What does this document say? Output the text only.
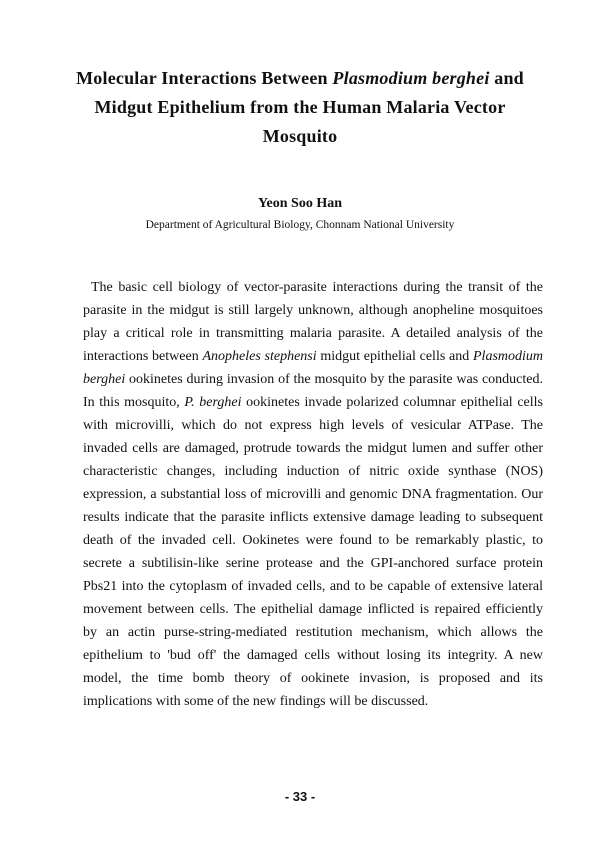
Molecular Interactions Between Plasmodium berghei and Midgut Epithelium from the Human Malaria Vector Mosquito
Yeon Soo Han
Department of Agricultural Biology, Chonnam National University

The basic cell biology of vector-parasite interactions during the transit of the parasite in the midgut is still largely unknown, although anopheline mosquitoes play a critical role in transmitting malaria parasite. A detailed analysis of the interactions between Anopheles stephensi midgut epithelial cells and Plasmodium berghei ookinetes during invasion of the mosquito by the parasite was conducted. In this mosquito, P. berghei ookinetes invade polarized columnar epithelial cells with microvilli, which do not express high levels of vesicular ATPase. The invaded cells are damaged, protrude towards the midgut lumen and suffer other characteristic changes, including induction of nitric oxide synthase (NOS) expression, a substantial loss of microvilli and genomic DNA fragmentation. Our results indicate that the parasite inflicts extensive damage leading to subsequent death of the invaded cell. Ookinetes were found to be remarkably plastic, to secrete a subtilisin-like serine protease and the GPI-anchored surface protein Pbs21 into the cytoplasm of invaded cells, and to be capable of extensive lateral movement between cells. The epithelial damage inflicted is repaired efficiently by an actin purse-string-mediated restitution mechanism, which allows the epithelium to 'bud off' the damaged cells without losing its integrity. A new model, the time bomb theory of ookinete invasion, is proposed and its implications with some of the new findings will be discussed.

- 33 -
